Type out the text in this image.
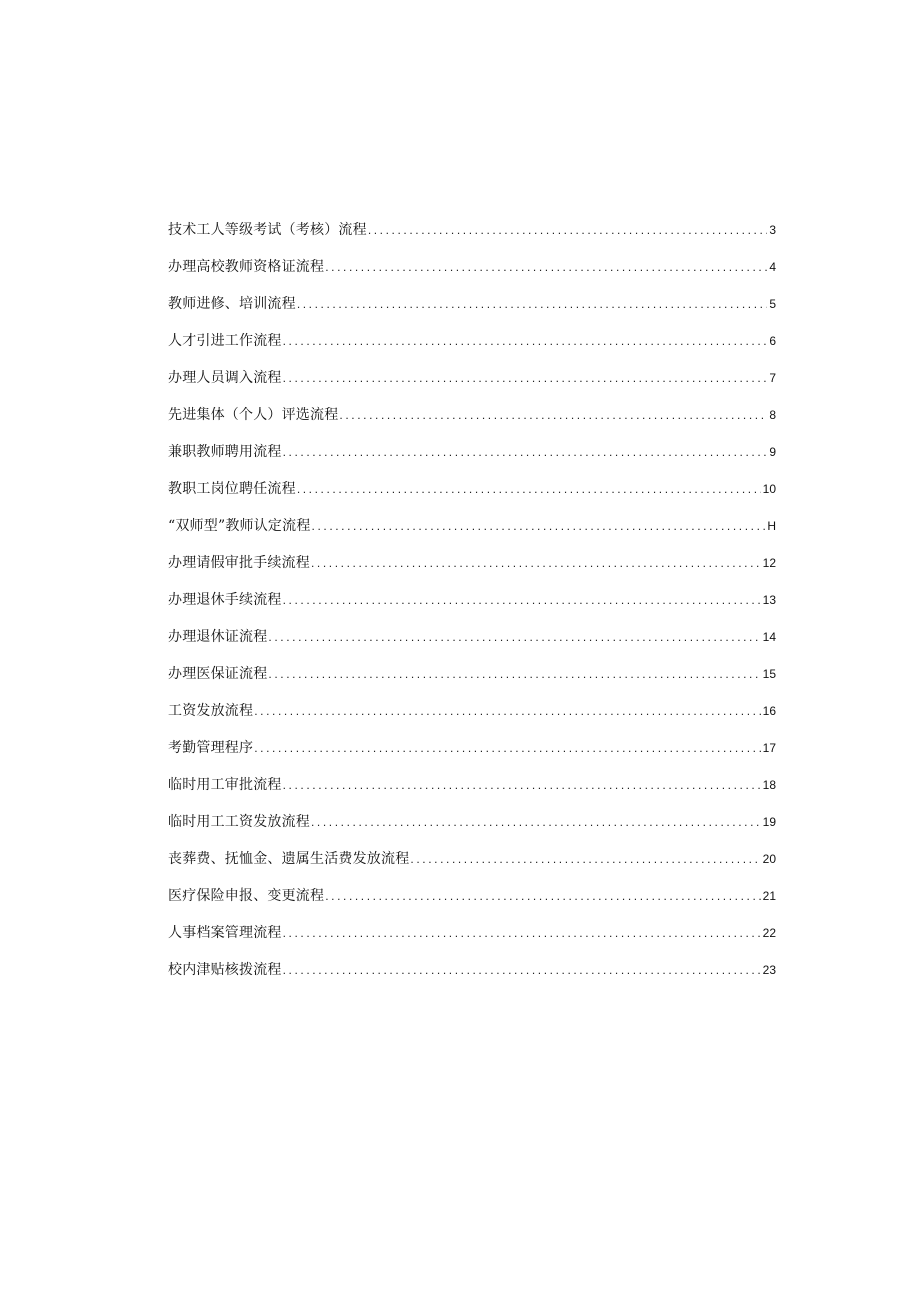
技术工人等级考试（考核）流程 .....	3
办理高校教师资格证流程 .....	4
教师进修、培训流程 .....	5
人才引进工作流程 .....	6
办理人员调入流程 .....	7
先进集体（个人）评选流程 .....	8
兼职教师聘用流程 .....	9
教职工岗位聘任流程 .....	10
“双师型”教师认定流程 .....	H
办理请假审批手续流程 .....	12
办理退休手续流程 .....	13
办理退休证流程 .....	14
办理医保证流程 .....	15
工资发放流程 .....	16
考勤管理程序 .....	17
临时用工审批流程 .....	18
临时用工工资发放流程 .....	19
丧葬费、抚恤金、遗属生活费发放流程 .....	20
医疗保险申报、变更流程 .....	21
人事档案管理流程 .....	22
校内津贴核拨流程 .....	23
